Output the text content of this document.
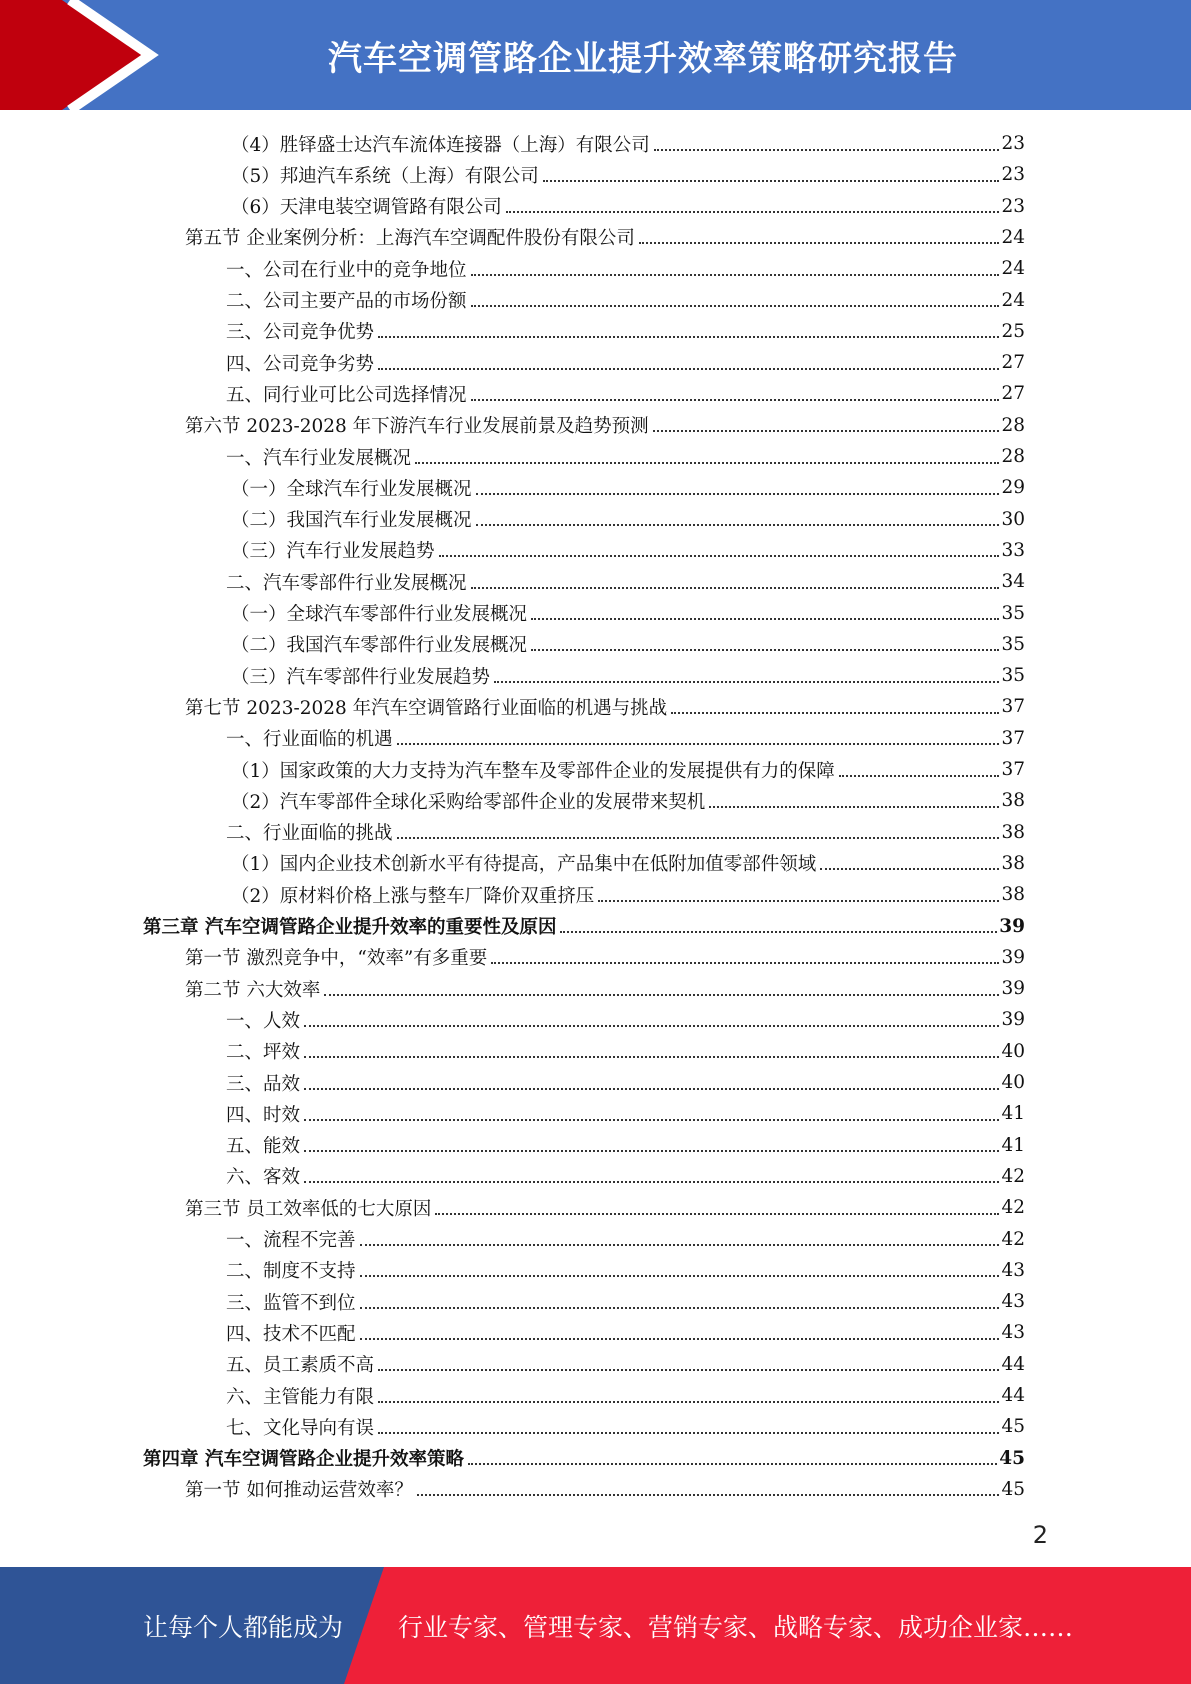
汽车空调管路企业提升效率策略研究报告
（4）胜铎盛士达汽车流体连接器（上海）有限公司	23
（5）邦迪汽车系统（上海）有限公司	23
（6）天津电装空调管路有限公司	23
第五节 企业案例分析：上海汽车空调配件股份有限公司	24
一、公司在行业中的竞争地位	24
二、公司主要产品的市场份额	24
三、公司竞争优势	25
四、公司竞争劣势	27
五、同行业可比公司选择情况	27
第六节 2023-2028 年下游汽车行业发展前景及趋势预测	28
一、汽车行业发展概况	28
（一）全球汽车行业发展概况	29
（二）我国汽车行业发展概况	30
（三）汽车行业发展趋势	33
二、汽车零部件行业发展概况	34
（一）全球汽车零部件行业发展概况	35
（二）我国汽车零部件行业发展概况	35
（三）汽车零部件行业发展趋势	35
第七节 2023-2028 年汽车空调管路行业面临的机遇与挑战	37
一、行业面临的机遇	37
（1）国家政策的大力支持为汽车整车及零部件企业的发展提供有力的保障	37
（2）汽车零部件全球化采购给零部件企业的发展带来契机	38
二、行业面临的挑战	38
（1）国内企业技术创新水平有待提高，产品集中在低附加值零部件领域	38
（2）原材料价格上涨与整车厂降价双重挤压	38
第三章 汽车空调管路企业提升效率的重要性及原因	39
第一节 激烈竞争中，“效率”有多重要	39
第二节 六大效率	39
一、人效	39
二、坪效	40
三、品效	40
四、时效	41
五、能效	41
六、客效	42
第三节 员工效率低的七大原因	42
一、流程不完善	42
二、制度不支持	43
三、监管不到位	43
四、技术不匹配	43
五、员工素质不高	44
六、主管能力有限	44
七、文化导向有误	45
第四章 汽车空调管路企业提升效率策略	45
第一节 如何推动运营效率？	45
2
让每个人都能成为 行业专家、管理专家、营销专家、战略专家、成功企业家……
